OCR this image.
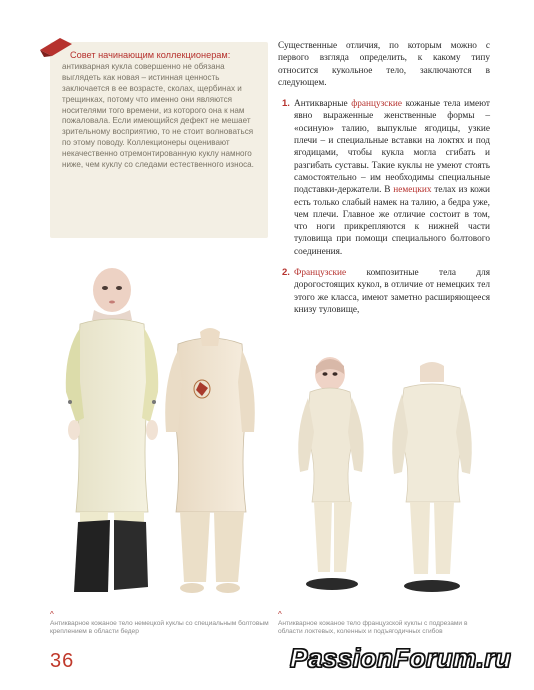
Совет начинающим коллекционерам:
антикварная кукла совершенно не обязана выглядеть как новая – истинная ценность заключается в ее возрасте, сколах, щербинах и трещинках, потому что именно они являются носителями того времени, из которого она к нам пожаловала. Если имеющийся дефект не мешает зрительному восприятию, то не стоит волноваться по этому поводу. Коллекционеры оценивают некачественно отремонтированную куклу намного ниже, чем куклу со следами естественного износа.
Существенные отличия, по которым можно с первого взгляда определить, к какому типу относится кукольное тело, заключаются в следующем.
1. Антикварные французские кожаные тела имеют явно выраженные женственные формы – «осиную» талию, выпуклые ягодицы, узкие плечи – и специальные вставки на локтях и под ягодицами, чтобы кукла могла сгибать и разгибать суставы. Такие куклы не умеют стоять самостоятельно – им необходимы специальные подставки-держатели. В немецких телах из кожи есть только слабый намек на талию, а бедра уже, чем плечи. Главное же отличие состоит в том, что ноги прикрепляются к нижней части туловища при помощи специального болтового соединения.
2. Французские композитные тела для дорогостоящих кукол, в отличие от немецких тел этого же класса, имеют заметно расширяющееся книзу туловище,
^
Антикварное кожаное тело немецкой куклы со специальным болтовым креплением в области бедер
^
Антикварное кожаное тело французской куклы с подрезами в области локтевых, коленных и подъягодичных сгибов
36	PassionForum.ru
